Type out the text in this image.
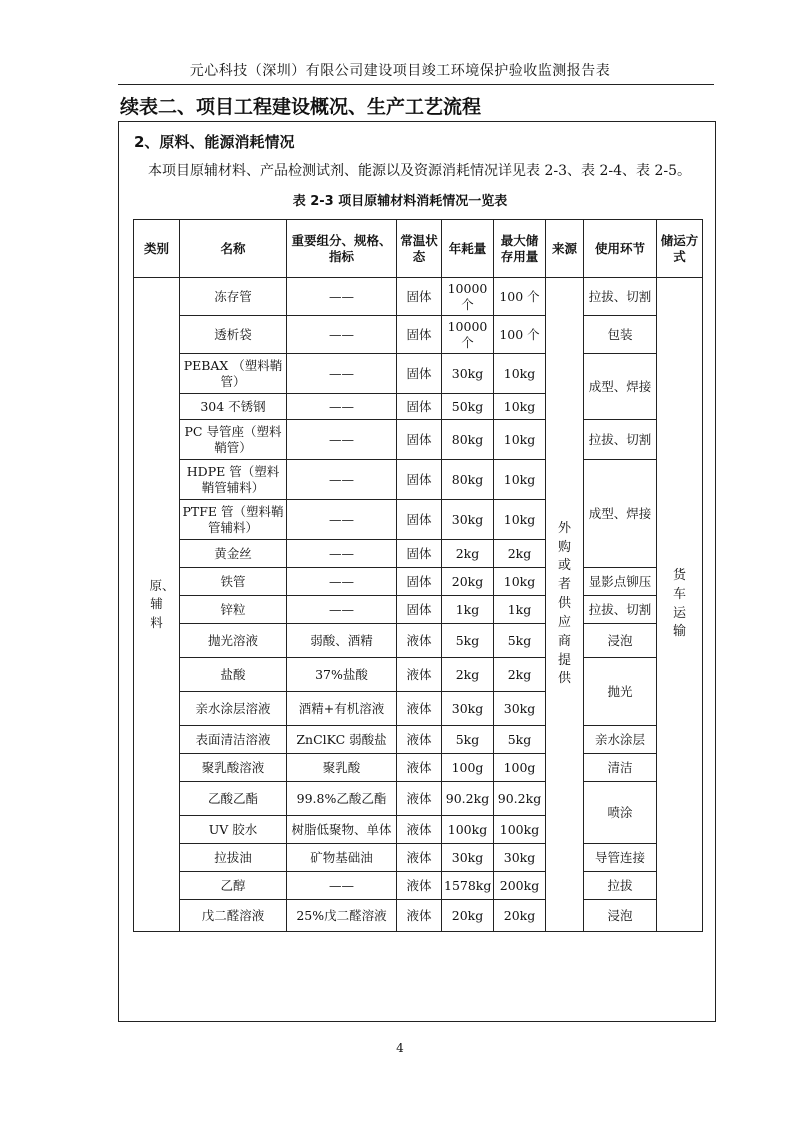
元心科技（深圳）有限公司建设项目竣工环境保护验收监测报告表
续表二、项目工程建设概况、生产工艺流程
2、原料、能源消耗情况
本项目原辅材料、产品检测试剂、能源以及资源消耗情况详见表 2-3、表 2-4、表 2-5。
表 2-3 项目原辅材料消耗情况一览表
类别	名称	重要组分、规格、指标	常温状态	年耗量	最大储存用量	来源	使用环节	储运方式
原、辅料	冻存管	——	固体	10000个	100 个	外购或者供应商提供	拉拔、切割	货车运输
	透析袋	——	固体	10000个	100 个		包装	
	PEBAX （塑料鞘管）	——	固体	30kg	10kg		成型、焊接	
	304 不锈钢	——	固体	50kg	10kg			
	PC 导管座（塑料鞘管）	——	固体	80kg	10kg		拉拔、切割	
	HDPE 管（塑料鞘管辅料）	——	固体	80kg	10kg		成型、焊接	
	PTFE 管（塑料鞘管辅料）	——	固体	30kg	10kg			
	黄金丝	——	固体	2kg	2kg			
	铁管	——	固体	20kg	10kg		显影点铆压	
	锌粒	——	固体	1kg	1kg		拉拔、切割	
	抛光溶液	弱酸、酒精	液体	5kg	5kg		浸泡	
	盐酸	37%盐酸	液体	2kg	2kg		抛光	
	亲水涂层溶液	酒精+有机溶液	液体	30kg	30kg			
	表面清洁溶液	ZnClKC 弱酸盐	液体	5kg	5kg		亲水涂层	
	聚乳酸溶液	聚乳酸	液体	100g	100g		清洁	
	乙酸乙酯	99.8%乙酸乙酯	液体	90.2kg	90.2kg		喷涂	
	UV 胶水	树脂低聚物、单体	液体	100kg	100kg			
	拉拔油	矿物基础油	液体	30kg	30kg		导管连接	
	乙醇	——	液体	1578kg	200kg		拉拔	
	戊二醛溶液	25%戊二醛溶液	液体	20kg	20kg		浸泡	
4
